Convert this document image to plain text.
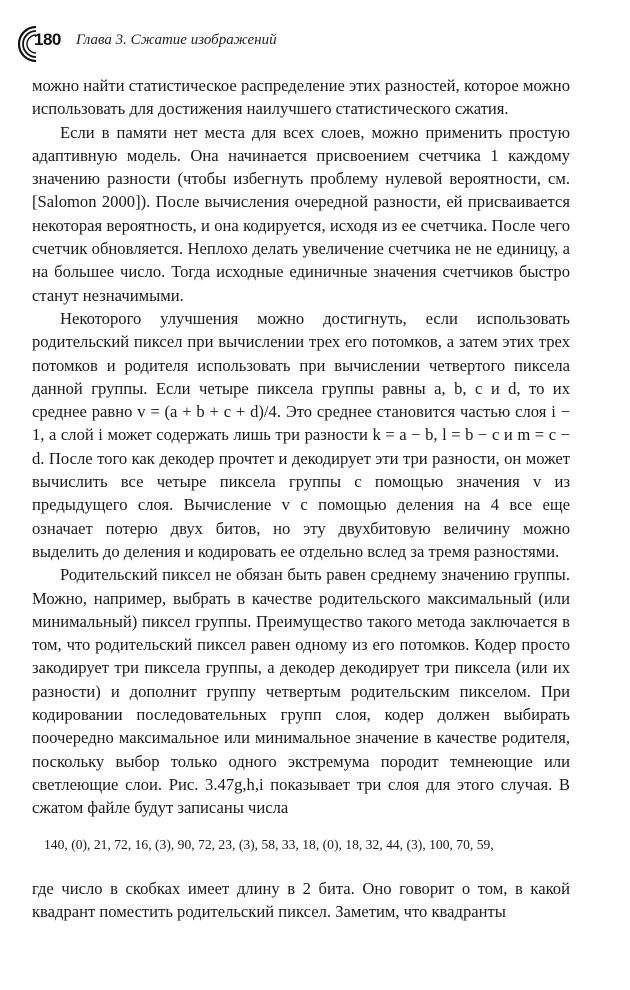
180 Глава 3. Сжатие изображений

можно найти статистическое распределение этих разностей, которое можно использовать для достижения наилучшего статистического сжатия.

Если в памяти нет места для всех слоев, можно применить простую адаптивную модель. Она начинается присвоением счетчика 1 каждому значению разности (чтобы избегнуть проблему нулевой вероятности, см. [Salomon 2000]). После вычисления очередной разности, ей присваивается некоторая вероятность, и она кодируется, исходя из ее счетчика. После чего счетчик обновляется. Неплохо делать увеличение счетчика не не единицу, а на большее число. Тогда исходные единичные значения счетчиков быстро станут незначимыми.

Некоторого улучшения можно достигнуть, если использовать родительский пиксел при вычислении трех его потомков, а затем этих трех потомков и родителя использовать при вычислении четвертого пиксела данной группы. Если четыре пиксела группы равны a, b, c и d, то их среднее равно v = (a + b + c + d)/4. Это среднее становится частью слоя i − 1, а слой i может содержать лишь три разности k = a − b, l = b − c и m = c − d. После того как декодер прочтет и декодирует эти три разности, он может вычислить все четыре пиксела группы с помощью значения v из предыдущего слоя. Вычисление v с помощью деления на 4 все еще означает потерю двух битов, но эту двухбитовую величину можно выделить до деления и кодировать ее отдельно вслед за тремя разностями.

Родительский пиксел не обязан быть равен среднему значению группы. Можно, например, выбрать в качестве родительского максимальный (или минимальный) пиксел группы. Преимущество такого метода заключается в том, что родительский пиксел равен одному из его потомков. Кодер просто закодирует три пиксела группы, а декодер декодирует три пиксела (или их разности) и дополнит группу четвертым родительским пикселом. При кодировании последовательных групп слоя, кодер должен выбирать поочередно максимальное или минимальное значение в качестве родителя, поскольку выбор только одного экстремума породит темнеющие или светлеющие слои. Рис. 3.47g,h,i показывает три слоя для этого случая. В сжатом файле будут записаны числа

140, (0), 21, 72, 16, (3), 90, 72, 23, (3), 58, 33, 18, (0), 18, 32, 44, (3), 100, 70, 59,

где число в скобках имеет длину в 2 бита. Оно говорит о том, в какой квадрант поместить родительский пиксел. Заметим, что квадранты
